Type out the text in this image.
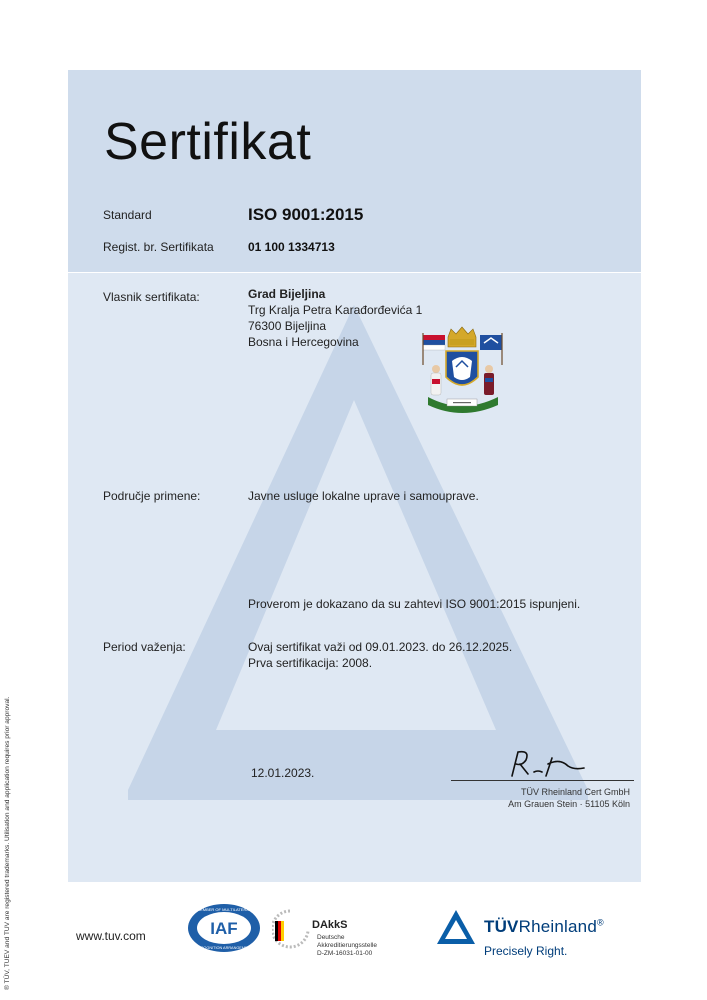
Sertifikat
Standard	ISO 9001:2015
Regist. br. Sertifikata	01 100 1334713
Vlasnik sertifikata:	Grad Bijeljina
Trg Kralja Petra Karađorđevića 1
76300 Bijeljina
Bosna i Hercegovina
Područje primene:	Javne usluge lokalne uprave i samouprave.
Proverom je dokazano da su zahtevi ISO 9001:2015 ispunjeni.
Period važenja:	Ovaj sertifikat važi od 09.01.2023. do 26.12.2025.
Prva sertifikacija: 2008.
12.01.2023.
TÜV Rheinland Cert GmbH
Am Grauen Stein · 51105 Köln
® TÜV, TUEV and TUV are registered trademarks. Utilisation and application requires prior approval.	www.tuv.com
MEMBER OF MULTILATERAL
RECOGNITION ARRANGEMENT
IAF	DAkkS
Deutsche
Akkreditierungsstelle
D-ZM-16031-01-00
TÜVRheinland®
Precisely Right.
